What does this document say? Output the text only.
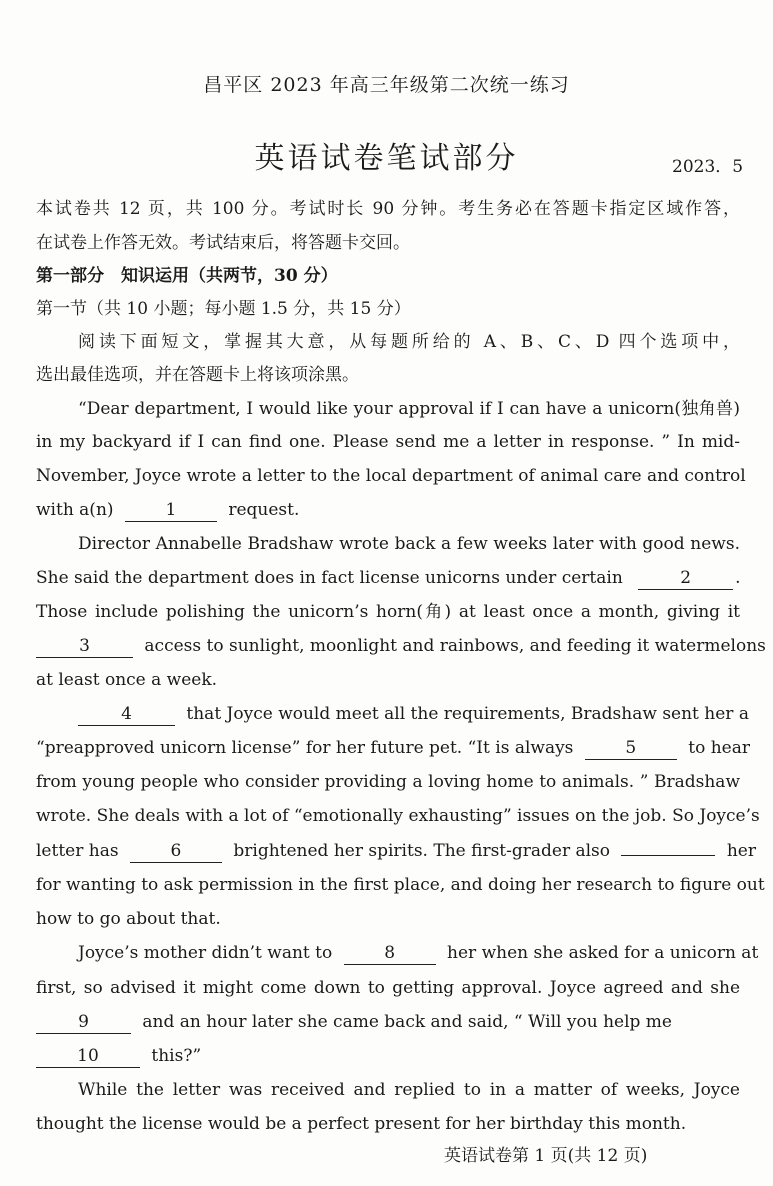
昌平区 2023 年高三年级第二次统一练习
英语试卷笔试部分	2023．5
本试卷共 12 页，共 100 分。考试时长 90 分钟。考生务必在答题卡指定区域作答，
在试卷上作答无效。考试结束后，将答题卡交回。
第一部分　知识运用（共两节，30 分）
第一节（共 10 小题；每小题 1.5 分，共 15 分）
阅读下面短文，掌握其大意，从每题所给的 A、B、C、D 四个选项中，
选出最佳选项，并在答题卡上将该项涂黑。
“Dear department, I would like your approval if I can have a unicorn(独角兽)
in my backyard if I can find one. Please send me a letter in response. ” In mid-
November, Joyce wrote a letter to the local department of animal care and control
with a(n)	1	request.
Director Annabelle Bradshaw wrote back a few weeks later with good news.
She said the department does in fact license unicorns under certain	2	.
Those include polishing the unicorn’s horn(角) at least once a month, giving it
3	access to sunlight, moonlight and rainbows, and feeding it watermelons
at least once a week.
4	that Joyce would meet all the requirements, Bradshaw sent her a
“preapproved unicorn license” for her future pet. “It is always	5	to hear
from young people who consider providing a loving home to animals. ” Bradshaw
wrote. She deals with a lot of “emotionally exhausting” issues on the job. So Joyce’s
letter has	6	brightened her spirits. The first-grader also	her
for wanting to ask permission in the first place, and doing her research to figure out
how to go about that.
Joyce’s mother didn’t want to	8	her when she asked for a unicorn at
first, so advised it might come down to getting approval. Joyce agreed and she
9	and an hour later she came back and said, “ Will you help me
10	this?”
While the letter was received and replied to in a matter of weeks, Joyce
thought the license would be a perfect present for her birthday this month.
英语试卷第 1 页(共 12 页)
